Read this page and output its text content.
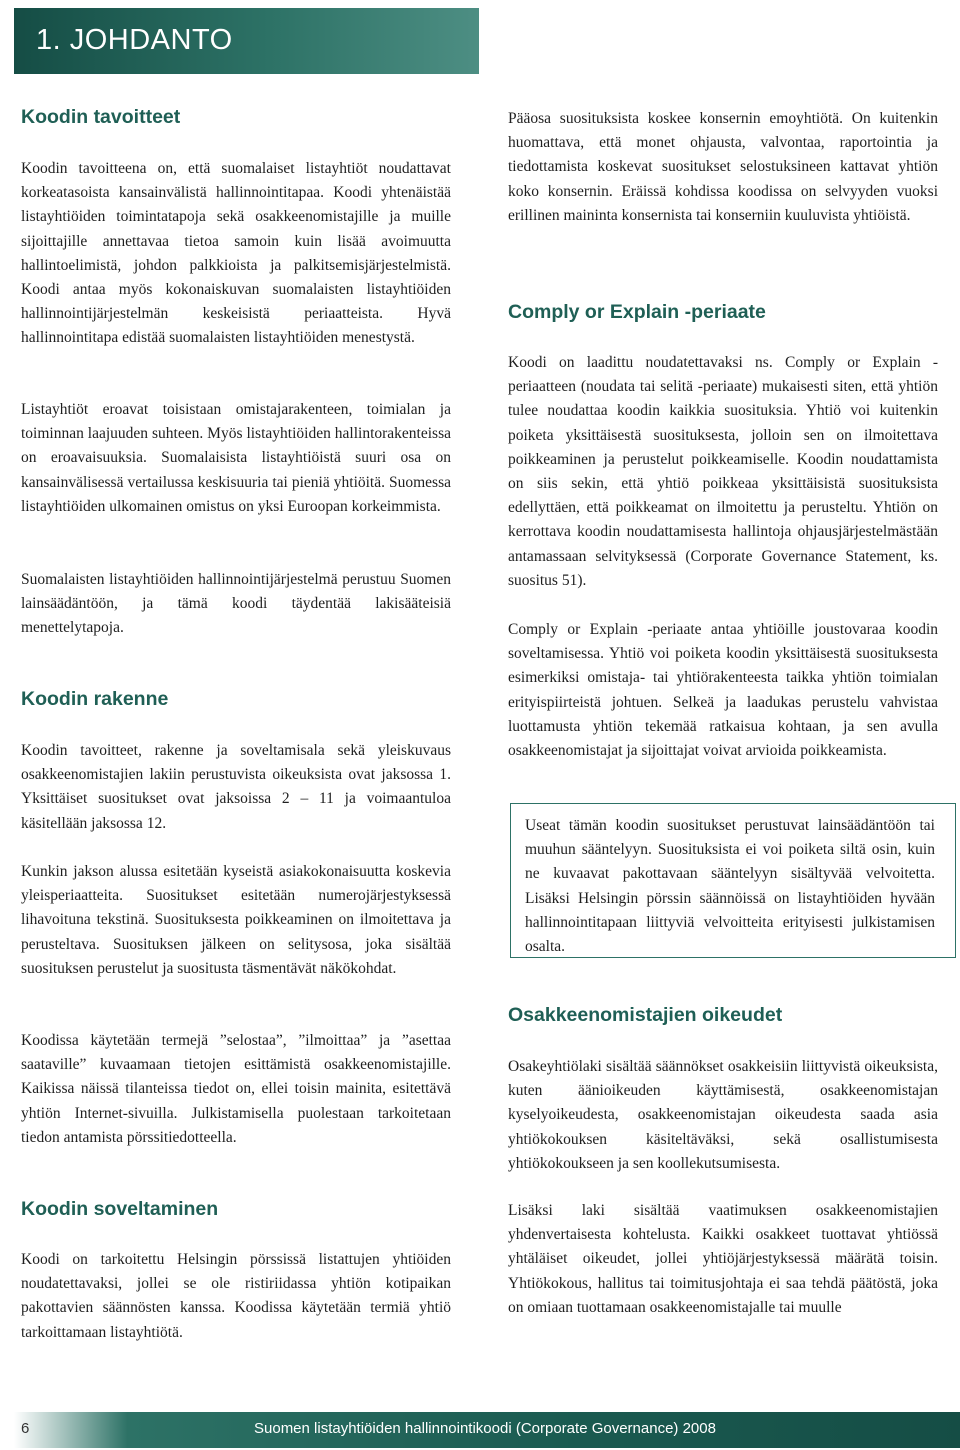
1. JOHDANTO
Koodin tavoitteet

Koodin tavoitteena on, että suomalaiset listayhtiöt noudattavat korkeatasoista kansainvälistä hallinnointitapaa. Koodi yhtenäistää listayhtiöiden toimintatapoja sekä osakkeenomistajille ja muille sijoittajille annettavaa tietoa samoin kuin lisää avoimuutta hallintoelimistä, johdon palkkioista ja palkitsemisjärjestelmistä. Koodi antaa myös kokonaiskuvan suomalaisten listayhtiöiden hallinnointijärjestelmän keskeisistä periaatteista. Hyvä hallinnointitapa edistää suomalaisten listayhtiöiden menestystä.

Listayhtiöt eroavat toisistaan omistajarakenteen, toimialan ja toiminnan laajuuden suhteen. Myös listayhtiöiden hallintorakenteissa on eroavaisuuksia. Suomalaisista listayhtiöistä suuri osa on kansainvälisessä vertailussa keskisuuria tai pieniä yhtiöitä. Suomessa listayhtiöiden ulkomainen omistus on yksi Euroopan korkeimmista.

Suomalaisten listayhtiöiden hallinnointijärjestelmä perustuu Suomen lainsäädäntöön, ja tämä koodi täydentää lakisääteisiä menettelytapoja.

Koodin rakenne

Koodin tavoitteet, rakenne ja soveltamisala sekä yleiskuvaus osakkeenomistajien lakiin perustuvista oikeuksista ovat jaksossa 1. Yksittäiset suositukset ovat jaksoissa 2 – 11 ja voimaantuloa käsitellään jaksossa 12.

Kunkin jakson alussa esitetään kyseistä asiakokonaisuutta koskevia yleisperiaatteita. Suositukset esitetään numerojärjestyksessä lihavoituna tekstinä. Suosituksesta poikkeaminen on ilmoitettava ja perusteltava. Suosituksen jälkeen on selitysosa, joka sisältää suosituksen perustelut ja suositusta täsmentävät näkökohdat.

Koodissa käytetään termejä ”selostaa”, ”ilmoittaa” ja ”asettaa saataville” kuvaamaan tietojen esittämistä osakkeenomistajille. Kaikissa näissä tilanteissa tiedot on, ellei toisin mainita, esitettävä yhtiön Internet-sivuilla. Julkistamisella puolestaan tarkoitetaan tiedon antamista pörssitiedotteella.

Koodin soveltaminen

Koodi on tarkoitettu Helsingin pörssissä listattujen yhtiöiden noudatettavaksi, jollei se ole ristiriidassa yhtiön kotipaikan pakottavien säännösten kanssa. Koodissa käytetään termiä yhtiö tarkoittamaan listayhtiötä.

Pääosa suosituksista koskee konsernin emoyhtiötä. On kuitenkin huomattava, että monet ohjausta, valvontaa, raportointia ja tiedottamista koskevat suositukset selostuksineen kattavat yhtiön koko konsernin. Eräissä kohdissa koodissa on selvyyden vuoksi erillinen maininta konsernista tai konserniin kuuluvista yhtiöistä.

Comply or Explain -periaate

Koodi on laadittu noudatettavaksi ns. Comply or Explain -periaatteen (noudata tai selitä -periaate) mukaisesti siten, että yhtiön tulee noudattaa koodin kaikkia suosituksia. Yhtiö voi kuitenkin poiketa yksittäisestä suosituksesta, jolloin sen on ilmoitettava poikkeaminen ja perustelut poikkeamiselle. Koodin noudattamista on siis sekin, että yhtiö poikkeaa yksittäisistä suosituksista edellyttäen, että poikkeamat on ilmoitettu ja perusteltu. Yhtiön on kerrottava koodin noudattamisesta hallintoja ohjausjärjestelmästään antamassaan selvityksessä (Corporate Governance Statement, ks. suositus 51).

Comply or Explain -periaate antaa yhtiöille joustovaraa koodin soveltamisessa. Yhtiö voi poiketa koodin yksittäisestä suosituksesta esimerkiksi omistaja- tai yhtiörakenteesta taikka yhtiön toimialan erityispiirteistä johtuen. Selkeä ja laadukas perustelu vahvistaa luottamusta yhtiön tekemää ratkaisua kohtaan, ja sen avulla osakkeenomistajat ja sijoittajat voivat arvioida poikkeamista.

Osakkeenomistajien oikeudet

Osakeyhtiölaki sisältää säännökset osakkeisiin liittyvistä oikeuksista, kuten äänioikeuden käyttämisestä, osakkeenomistajan kyselyoikeudesta, osakkeenomistajan oikeudesta saada asia yhtiökokouksen käsiteltäväksi, sekä osallistumisesta yhtiökokoukseen ja sen koollekutsumisesta.

Lisäksi laki sisältää vaatimuksen osakkeenomistajien yhdenvertaisesta kohtelusta. Kaikki osakkeet tuottavat yhtiössä yhtäläiset oikeudet, jollei yhtiöjärjestyksessä määrätä toisin. Yhtiökokous, hallitus tai toimitusjohtaja ei saa tehdä päätöstä, joka on omiaan tuottamaan osakkeenomistajalle tai muulle

Useat tämän koodin suositukset perustuvat lainsäädäntöön tai muuhun sääntelyyn. Suosituksista ei voi poiketa siltä osin, kuin ne kuvaavat pakottavaan sääntelyyn sisältyvää velvoitetta. Lisäksi Helsingin pörssin säännöissä on listayhtiöiden hyvään hallinnointitapaan liittyviä velvoitteita erityisesti julkistamisen osalta.

6	Suomen listayhtiöiden hallinnointikoodi (Corporate Governance) 2008
